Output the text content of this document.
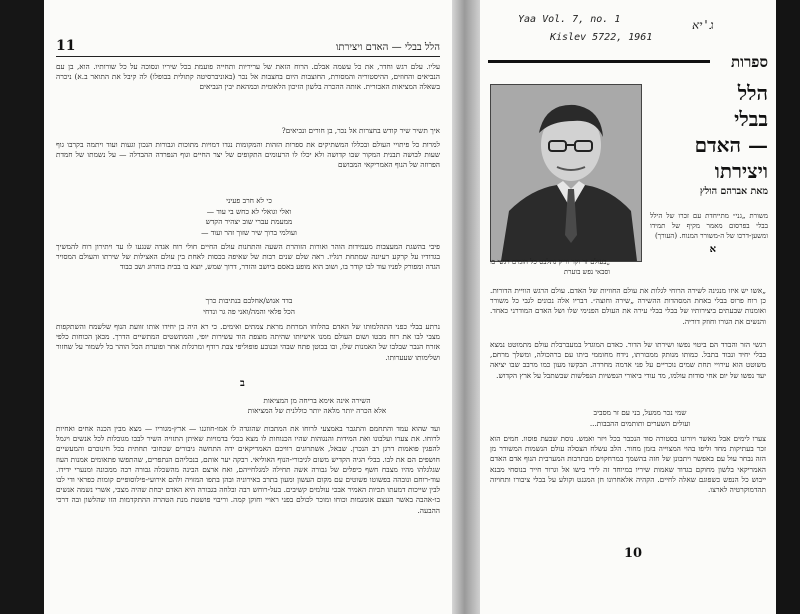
11	הלל בבלי — האדם ויצירתו
עליו. עלם רגש וחדר, את כל עשמה אבלם. הרוח הזאת של עריריות ותחייה פועמת בכל שיריו ונסוכה על כל שורותיו. הוא, בן עם הנביאים והחוזים, ההיסטוריה והמסורת, החוצבות היום בחצבות אל נכר (באוניברסיטה קתולית בבופלו) לה קיבל את התואר ב.א) ניכרה בשאלה המציאות האכזרית. אותה ההכרה בלשון הזיכון הלאומית ובמהאת יבין הנביאים
איך תשיר שיר קודש בחצרות אל נכר, בן חורים ונביאים?
למרות כל פיתויי העולם ובכללו המשתיקים את ספרות הזהות והמקומות נגדו דמויות מתוכות וגבורות הנכון וגעות ועוד ויתמה בקרבו גוף שעות לבושה תבנית המקור שבו קדושה ולא יכלו לו הרעומים התקופים של יצר החיים וגוף הנפרדה ההבדלה — על נשמתו של חמדת הפרוזה של הנוף האמריקאי המבושם
כי לא חרב פעיני
ואלי וגואלי לא כחש בי עוד —
ממעמת עברי שוב יצהיר הקדש
ועולמי ברוך שיר שזוך זהר ועוד —
פיבי בהשגת המעצבות מעמידות הוהר ואורות הזוהרת השעה והתחנות עולם החיים חולי רוח אגדה שנגעו לו עד ויתירון רוח להמשיך בגדודיו על קרקע רעיונה שמתחת רגליו. ראה שלם שנים רבות של שאיפה בכסות לאחת בין עולם האצילות של שירתו והעולם המסויר הגדה ומפורק לפניו עוד לבו קודר בו, ושוב הוא מופע באסם ביושב והזדר, דרוך שמש, יוצא בו בבית בוהרוג ושב כבוד
בדד אנוש/אחלבם בנתיבות כרך
הכל פלאי והמה/ואני פה גר ונדחי
נרתע בבלי כפני התהלמותו של האדם בהלוחו המרחת מראת צמתים ואימים. כי רא היה בן יחידו אותו זוועת הנוף שלשמח והשתקפות מצבי לבו את רוח מבטו ושום העולם ממנו אישיותו שהיתה מוצפת הוד עשירות יופי, והמתשטים המתשיים הדרך. מכאן הכוחות כלפי אזרח הנבר שבלבו של האמנות שלו, ובו בבוטן פתח שבהי ובנובע פופוליפי צבת רודף ומרגלות אחר ופוערת הכל הוהר בל לשמור על שחזור ושלימותו שעערותו.
ב
השירה אינה אימא בריחה מן המציאות
אלא הכרה יותר מלאה יותר כוללנית של המציאות
ועד שהוא עמד והתחמם והתגבר באמצעי לרוחו את המתבות שהוגדה לו אמו-חוזגנו — ארץ-מגוריו — מצא מבין הכנה אחים ואחיות לרוחו. את צערו ועלבונו ואת המידות והנגוהות שהיו הכנוחות לו מצא בכלי בדמויות שאיתן התזויה השיר לבבו מגובלות לכל אנשים ויגמל להפגין פואמות דרגן רב הנכרן. שבאל, אשתרוגים רוויכם האמריקאים ידה התחשה גיבורים שכחובי תחתית בכל חינוכרם והמעשיים חושפים הם את לבו. בבלי הגיה הקדיש משום לגיבורי-הנוף האוליאי. רבקה יער אותם, בנכליהם הנתפרים, שהתפשו פתאומים אמנות העוז שגלגלהו מהיו מצבח חשף כיפלים של גבורה אשה תחילה למגלחייהם, ואח ארצם הבינה מהשכלה גבורה רבה ממכונה ומנערי ידידו. עוד-רוחם ונובהה בפשוטו פשוטים עם מקום העשון ומעון בתרב באירוניה ובהן בתפו המזויה ולהם אירועי-פילוסופיים קומות כפראי ודי לבו לבין שייכות דמעתו תכיות האמיר אבכי עולמים קשיבים. בעל-רוחש רבה ובלחה בגבורה היא האדם יבחת שהיה מצבי, אשרי נשמה אנשים בו-אהבה באשר העצם אומנמות וכוחו ומוכר לכולם בפני ראויי וחוקן קמה. וריבוי פושטת מנת הטהרה ההתקדמות הזו שהלשון ובה דרכי ההבעה.
Yaa Vol. 7, no. 1
Kislev 5722, 1961
ג'יא
ספרות
הלל
בבלי
— האדם
ויצירתו
מאת אברהם הולץ
משורת „גני״ מתייחדת עם זכרו של הילל בבלי בפרסום מאמר מקיף של תמידו ומשען-דרכו של ה-משורר המנוח. (העורך)
א
„בעולם זר וקר וריק נתלבט כל הזמים רגשי בו וסבאי נפש בוערת
„אשו יש איזו מנגינה לשירה הרוחי לגלות את עולם החוויות של האדם. עולם הרגש הוויית הדורות. כן רוח פרוס בבלי באחת המסהדות ההשירה „שירה וחוצה״. דבריו אלה נכונים לגבי כל משורר ואומנות שבעתים ביצירותיו של בבלי בבלי עירה את העולם הפנימי שלו ושל האדם המודרני כאחד. והנשים את הגורו וחוזק דוריה.
רגשי הזר והבדד הם ביטוי נפשו ושירתו של הדור. כאדם המוגדל במעברבלת עולם מתמוטט נמצא בבלי יחיד ונבוד בתבל. כמותו מנותק ממכורתו, נידח מחוממי ביתו עם ברהכולה, ומשלך מרחם, משוטט הוא עירויי תחת שמים נוכריים על פני אדמה מחרדה. הבקשו מעון כמו מרבב שבו יציאה יעד נפשו של יום אחי סודות עולמו, מד עודי ביאורי הנפשיות הנפלשות שבשתבל על ארץ הקדוש.
שמי נכר ממעל, בני עם זר מסביב
ועולים השערים ותותמים ההבבות...
צערו לימים אבל מאשר ויורונו בסטורה סוד הנכבר בכל ויזר ואמש. נוסת שבעת פוסוו. חמים הוא זכר בעתיקות מחד וליפו בהוי המצוייה בזמן מחור. הלב עשלח הצסלה עולם הנשמות המשורר מן הזה נבחר עול עם באפשר ויתבונן של חזה בהשמך במרחקוים מבתרבות המערבית הנוף אדם האדם האמריקאי בלשון מחוקם בגדוד שאמות שיריו במיוחד זה לידי בישו אל וגרור חייר בנוסחי מבנא ייבוש כל הנפש כשפוגם שאלה לחיים. הקהיה אלאחרונו חן המגנט וקולע על בבלי ציבורו ותחויזה תהדמוקרטיה לארצו.
10
